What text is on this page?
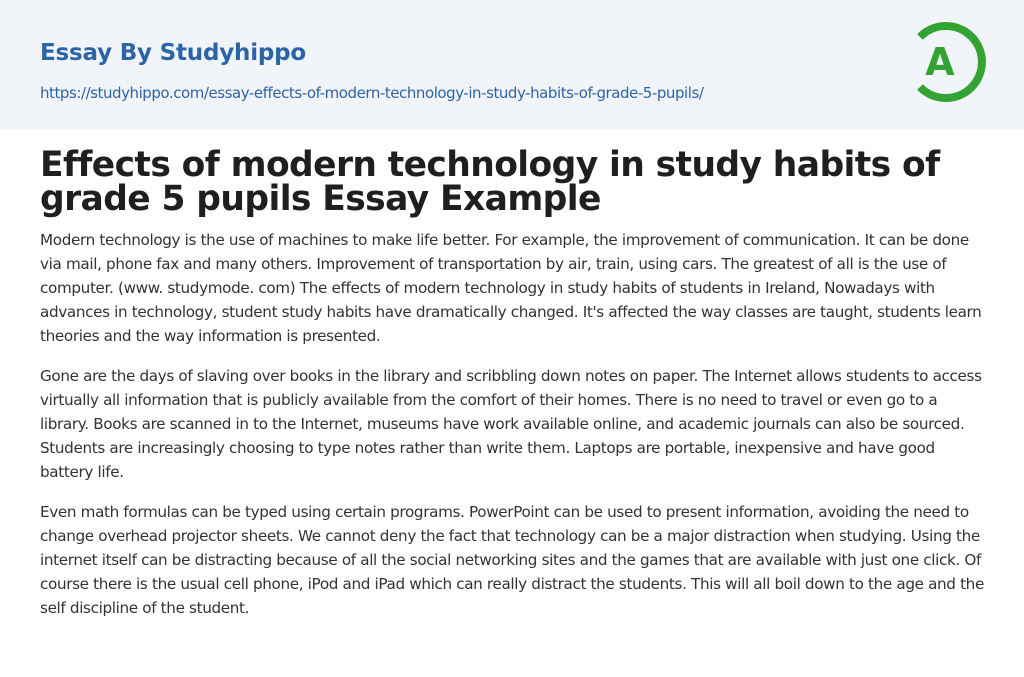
Essay By Studyhippo
https://studyhippo.com/essay-effects-of-modern-technology-in-study-habits-of-grade-5-pupils/
A
Effects of modern technology in study habits of grade 5 pupils Essay Example

Modern technology is the use of machines to make life better. For example, the improvement of communication. It can be done via mail, phone fax and many others. Improvement of transportation by air, train, using cars. The greatest of all is the use of computer. (www. studymode. com) The effects of modern technology in study habits of students in Ireland, Nowadays with advances in technology, student study habits have dramatically changed. It's affected the way classes are taught, students learn theories and the way information is presented.

Gone are the days of slaving over books in the library and scribbling down notes on paper. The Internet allows students to access virtually all information that is publicly available from the comfort of their homes. There is no need to travel or even go to a library. Books are scanned in to the Internet, museums have work available online, and academic journals can also be sourced. Students are increasingly choosing to type notes rather than write them. Laptops are portable, inexpensive and have good battery life.

Even math formulas can be typed using certain programs. PowerPoint can be used to present information, avoiding the need to change overhead projector sheets. We cannot deny the fact that technology can be a major distraction when studying. Using the internet itself can be distracting because of all the social networking sites and the games that are available with just one click. Of course there is the usual cell phone, iPod and iPad which can really distract the students. This will all boil down to the age and the self discipline of the student.
